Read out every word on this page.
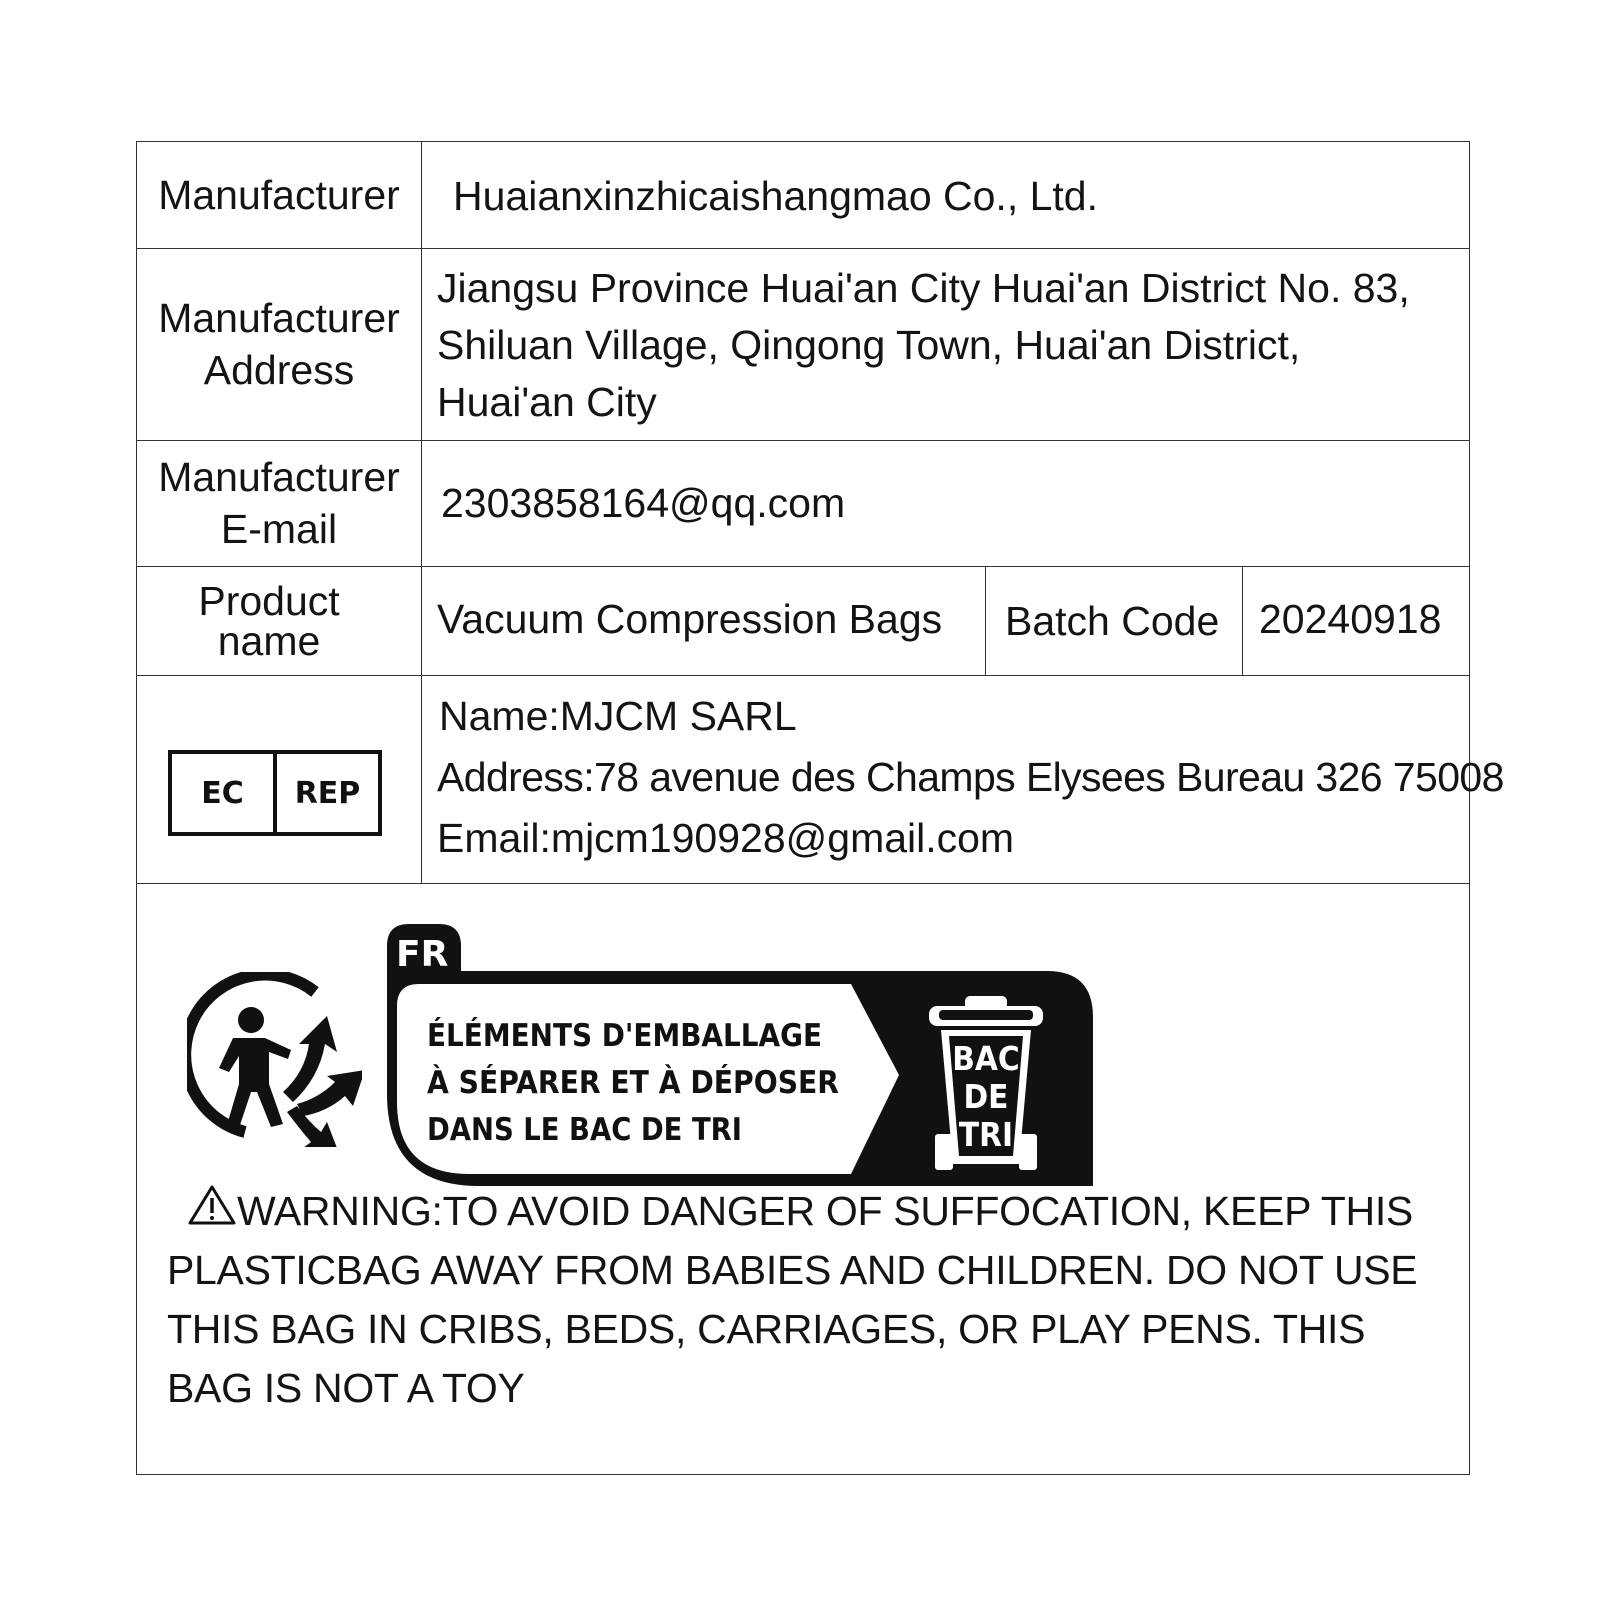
Manufacturer Huaianxinzhicaishangmao Co., Ltd.
Manufacturer
Address
Jiangsu Province Huai'an City Huai'an District No. 83,
Shiluan Village, Qingong Town, Huai'an District,
Huai'an City
Manufacturer
E-mail
2303858164@qq.com
Product
name	Vacuum Compression Bags Batch Code 20240918
EC	REP
Name:MJCM SARL
Address:78 avenue des Champs Elysees Bureau 326 75008
Email:mjcm190928@gmail.com
FR
ÉLÉMENTS D'EMBALLAGE
À SÉPARER ET À DÉPOSER
DANS LE BAC DE TRI
BAC
DE
TRI
WARNING:TO AVOID DANGER OF SUFFOCATION, KEEP THIS PLASTICBAG AWAY FROM BABIES AND CHILDREN. DO NOT USE THIS BAG IN CRIBS, BEDS, CARRIAGES, OR PLAY PENS. THIS BAG IS NOT A TOY
